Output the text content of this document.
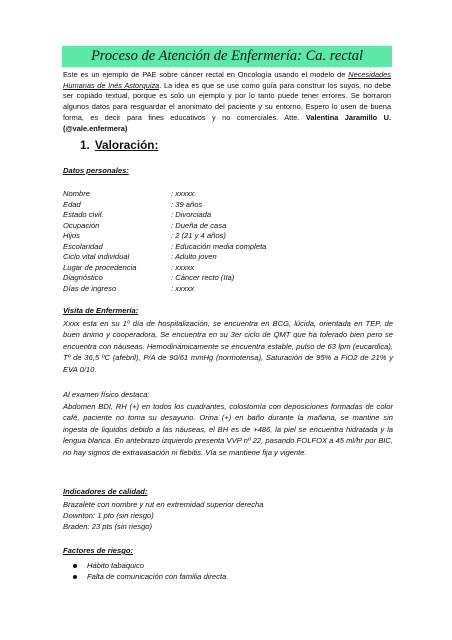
Proceso de Atención de Enfermería: Ca. rectal
Este es un ejemplo de PAE sobre cáncer rectal en Oncología usando el modelo de Necesidades Humanas de Inés Astorquiza. La idea es que se use como guía para construir los suyos, no debe ser copiado textual, porque es solo un ejemplo y por lo tanto puede tener errores. Se borraron algunos datos para resguardar el anonimato del paciente y su entorno. Espero lo usen de buena forma, es decir para fines educativos y no comerciales. Atte. Valentina Jaramillo U. (@vale.enfermera)
1. Valoración:
Datos personales:
Nombre	: xxxxx.
Edad	: 39 años
Estado civil.	: Divorciada
Ocupación	: Dueña de casa
Hijos	: 2 (21 y 4 años)
Escolaridad	: Educación media completa
Ciclo vital individual	: Adulto joven
Lugar de procedencia	: xxxxx
Diagnóstico	: Cáncer recto (IIa)
Días de ingreso	: xxxxx
Visita de Enfermería:
Xxxx esta en su 1º día de hospitalización, se encuentra en BCG, lúcida, orientada en TEP, de buen ánimo y cooperadora, Se encuentra en su 3er ciclo de QMT que ha tolerado bien pero se encuentra con náuseas. Hemodinámicamente se encuentra estable, pulso de 63 lpm (eucardica), Tº de 36,5 ºC (afebril), P/A de 90/61 mmHg (normotensa), Saturación de 95% a FiO2 de 21% y EVA 0/10.
Al examen físico destaca:
Abdomen BDI, RH (+) en todos los cuadrantes, colostomía con deposiciones formadas de color café, paciente no toma su desayuno. Orina (+) en baño durante la mañana, se mantine sin ingesta de liquidos debido a las náuseas, el BH es de +486, la piel se encuentra hidratada y la lengua blanca. En antebrazo izquierdo presenta VVP nº 22, pasando FOLFOX a 45 ml/hr por BIC, no hay signos de extravasación ni flebitis. Vía se mantiene fija y vigente.
Indicadores de calidad:
Brazalete con nombre y rut en extremidad superior derecha
Downton: 1 pto (sin riesgo)
Braden: 23 pts (sin riesgo)
Factores de riesgo:
Hábito tabaquico
Falta de comunicación con familia directa
